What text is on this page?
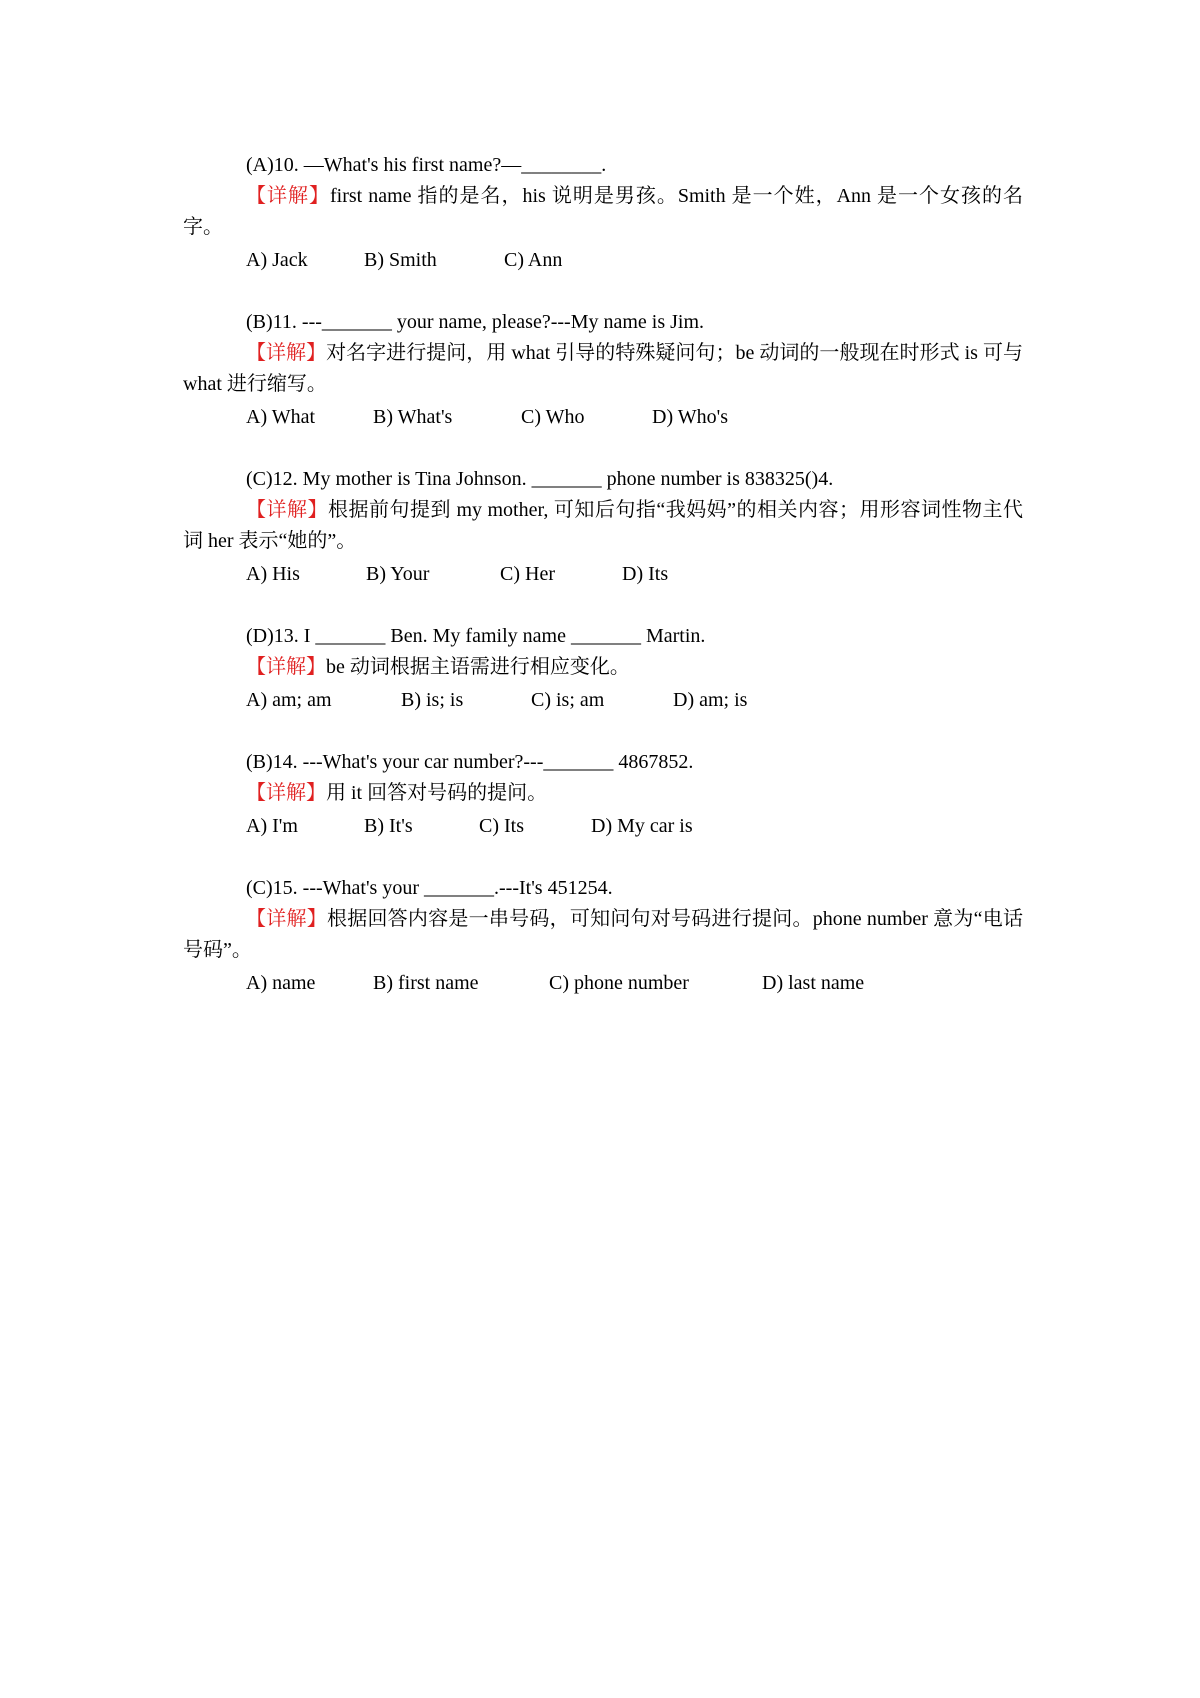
(A)10. —What's his first name?—________.
【详解】first name 指的是名，his 说明是男孩。Smith 是一个姓，Ann 是一个女孩的名字。
A) Jack	B) Smith	C) Ann
(B)11. ---_______ your name, please?---My name is Jim.
【详解】对名字进行提问，用 what 引导的特殊疑问句；be 动词的一般现在时形式 is 可与 what 进行缩写。
A) What	B) What's	C) Who	D) Who's
(C)12. My mother is Tina Johnson. _______ phone number is 838325()4.
【详解】根据前句提到 my mother, 可知后句指“我妈妈”的相关内容；用形容词性物主代词 her 表示“她的”。
A) His	B) Your	C) Her	D) Its
(D)13. I _______ Ben. My family name _______ Martin.
【详解】be 动词根据主语需进行相应变化。
A) am; am	B) is; is	C) is; am	D) am; is
(B)14. ---What's your car number?---_______ 4867852.
【详解】用 it 回答对号码的提问。
A) I'm	B) It's	C) Its	D) My car is
(C)15. ---What's your _______.---It's 451254.
【详解】根据回答内容是一串号码，可知问句对号码进行提问。phone number 意为“电话号码”。
A) name	B) first name	C) phone number	D) last name
